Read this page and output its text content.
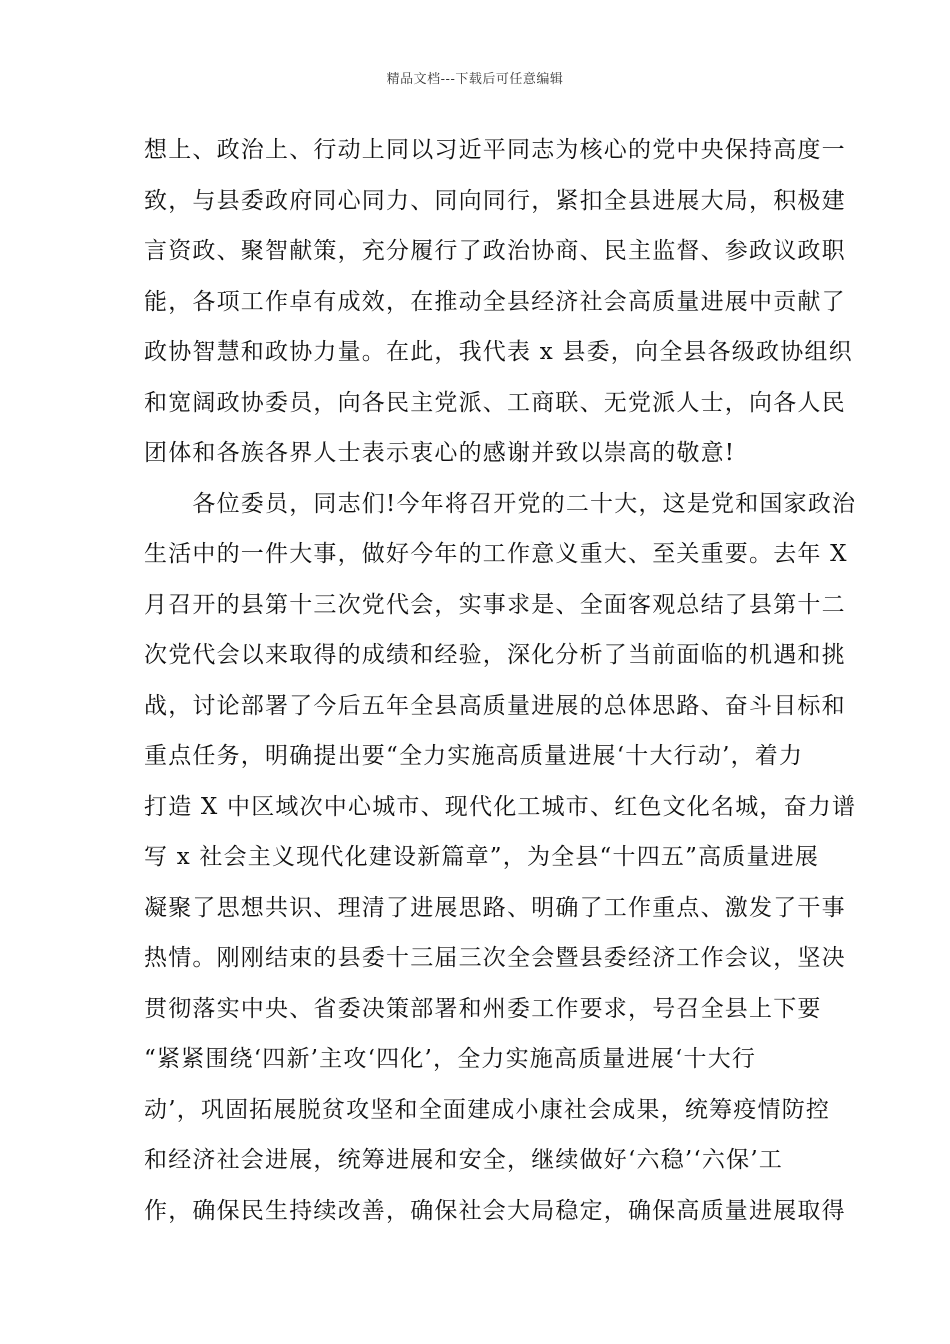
精品文档---下载后可任意编辑
想上、政治上、行动上同以习近平同志为核心的党中央保持高度一
致，与县委政府同心同力、同向同行，紧扣全县进展大局，积极建
言资政、聚智献策，充分履行了政治协商、民主监督、参政议政职
能，各项工作卓有成效，在推动全县经济社会高质量进展中贡献了
政协智慧和政协力量。在此，我代表 x 县委，向全县各级政协组织
和宽阔政协委员，向各民主党派、工商联、无党派人士，向各人民
团体和各族各界人士表示衷心的感谢并致以崇高的敬意!
　　各位委员，同志们!今年将召开党的二十大，这是党和国家政治
生活中的一件大事，做好今年的工作意义重大、至关重要。去年 X
月召开的县第十三次党代会，实事求是、全面客观总结了县第十二
次党代会以来取得的成绩和经验，深化分析了当前面临的机遇和挑
战，讨论部署了今后五年全县高质量进展的总体思路、奋斗目标和
重点任务，明确提出要“全力实施高质量进展‘十大行动’，着力
打造 X 中区域次中心城市、现代化工城市、红色文化名城，奋力谱
写 x 社会主义现代化建设新篇章”，为全县“十四五”高质量进展
凝聚了思想共识、理清了进展思路、明确了工作重点、激发了干事
热情。刚刚结束的县委十三届三次全会暨县委经济工作会议，坚决
贯彻落实中央、省委决策部署和州委工作要求，号召全县上下要
“紧紧围绕‘四新’主攻‘四化’，全力实施高质量进展‘十大行
动’，巩固拓展脱贫攻坚和全面建成小康社会成果，统筹疫情防控
和经济社会进展，统筹进展和安全，继续做好‘六稳’‘六保’工
作，确保民生持续改善，确保社会大局稳定，确保高质量进展取得
